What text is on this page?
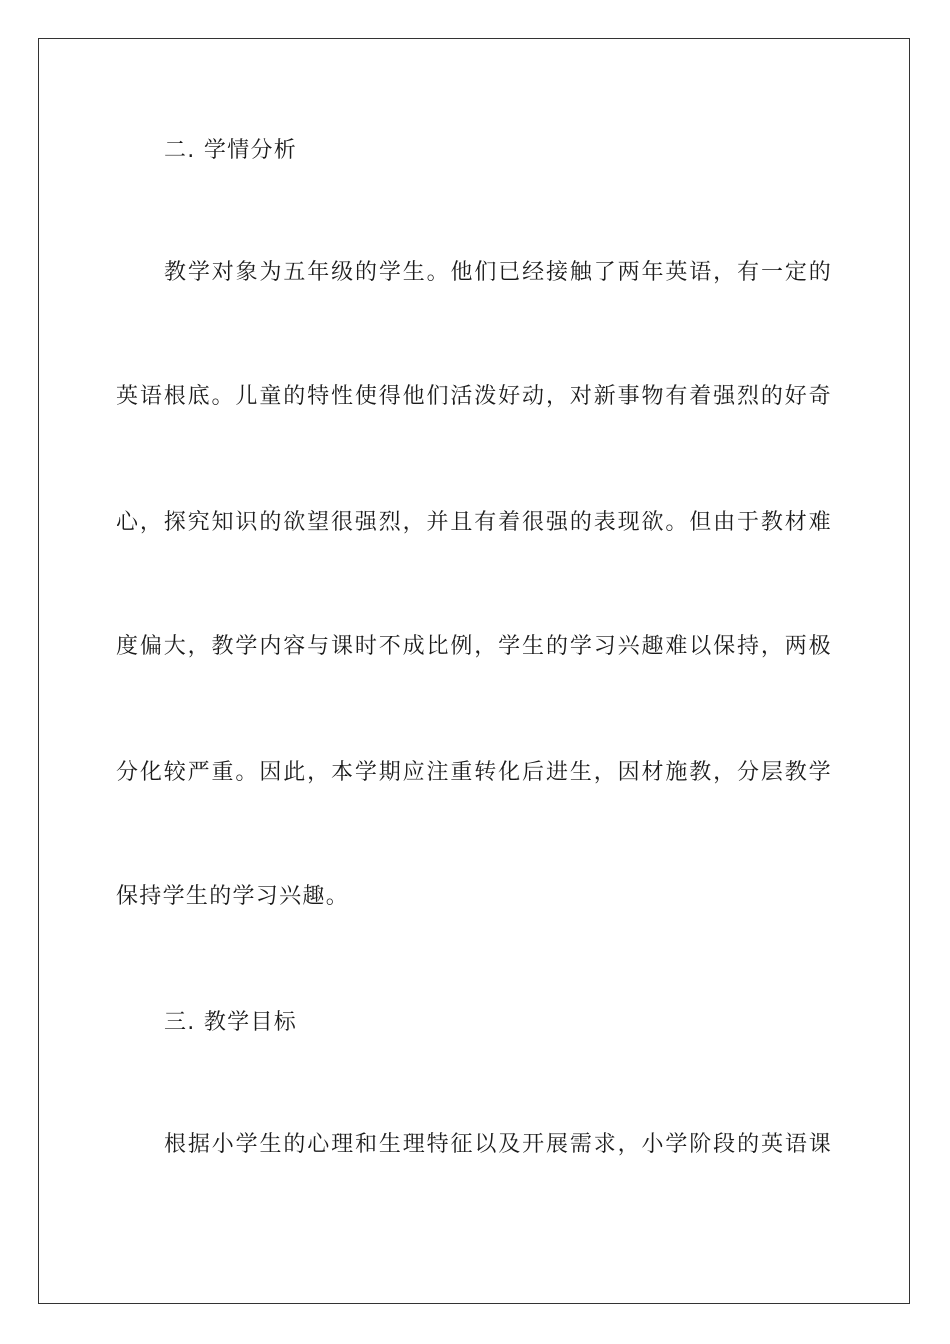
二. 学情分析
教学对象为五年级的学生。他们已经接触了两年英语，有一定的
英语根底。儿童的特性使得他们活泼好动，对新事物有着强烈的好奇
心，探究知识的欲望很强烈，并且有着很强的表现欲。但由于教材难
度偏大，教学内容与课时不成比例，学生的学习兴趣难以保持，两极
分化较严重。因此，本学期应注重转化后进生，因材施教，分层教学
保持学生的学习兴趣。
三. 教学目标
根据小学生的心理和生理特征以及开展需求，小学阶段的英语课
